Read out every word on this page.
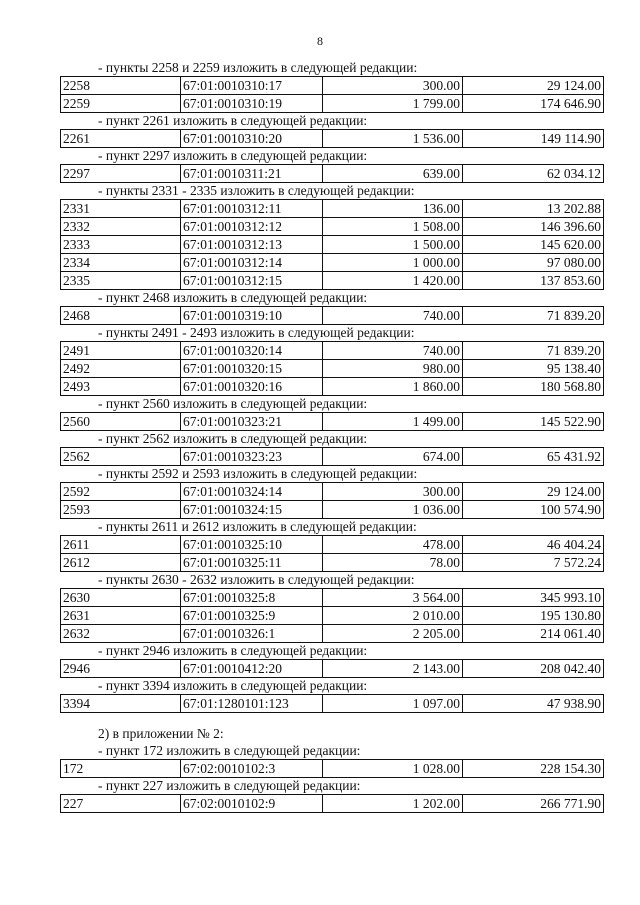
8
- пункты 2258 и 2259 изложить в следующей редакции:
2258	67:01:0010310:17	300.00	29 124.00
2259	67:01:0010310:19	1 799.00	174 646.90
- пункт 2261 изложить в следующей редакции:
2261	67:01:0010310:20	1 536.00	149 114.90
- пункт 2297 изложить в следующей редакции:
2297	67:01:0010311:21	639.00	62 034.12
- пункты 2331 - 2335 изложить в следующей редакции:
2331	67:01:0010312:11	136.00	13 202.88
2332	67:01:0010312:12	1 508.00	146 396.60
2333	67:01:0010312:13	1 500.00	145 620.00
2334	67:01:0010312:14	1 000.00	97 080.00
2335	67:01:0010312:15	1 420.00	137 853.60
- пункт 2468 изложить в следующей редакции:
2468	67:01:0010319:10	740.00	71 839.20
- пункты 2491 - 2493 изложить в следующей редакции:
2491	67:01:0010320:14	740.00	71 839.20
2492	67:01:0010320:15	980.00	95 138.40
2493	67:01:0010320:16	1 860.00	180 568.80
- пункт 2560 изложить в следующей редакции:
2560	67:01:0010323:21	1 499.00	145 522.90
- пункт 2562 изложить в следующей редакции:
2562	67:01:0010323:23	674.00	65 431.92
- пункты 2592 и 2593 изложить в следующей редакции:
2592	67:01:0010324:14	300.00	29 124.00
2593	67:01:0010324:15	1 036.00	100 574.90
- пункты 2611 и 2612 изложить в следующей редакции:
2611	67:01:0010325:10	478.00	46 404.24
2612	67:01:0010325:11	78.00	7 572.24
- пункты 2630 - 2632 изложить в следующей редакции:
2630	67:01:0010325:8	3 564.00	345 993.10
2631	67:01:0010325:9	2 010.00	195 130.80
2632	67:01:0010326:1	2 205.00	214 061.40
- пункт 2946 изложить в следующей редакции:
2946	67:01:0010412:20	2 143.00	208 042.40
- пункт 3394 изложить в следующей редакции:
3394	67:01:1280101:123	1 097.00	47 938.90
2) в приложении № 2:
- пункт 172 изложить в следующей редакции:
172	67:02:0010102:3	1 028.00	228 154.30
- пункт 227 изложить в следующей редакции:
227	67:02:0010102:9	1 202.00	266 771.90
